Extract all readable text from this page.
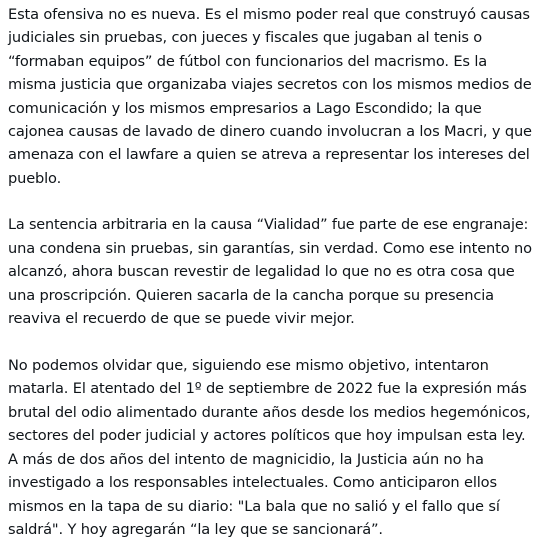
Esta ofensiva no es nueva. Es el mismo poder real que construyó causas
judiciales sin pruebas, con jueces y fiscales que jugaban al tenis o
“formaban equipos” de fútbol con funcionarios del macrismo. Es la
misma justicia que organizaba viajes secretos con los mismos medios de
comunicación y los mismos empresarios a Lago Escondido; la que
cajonea causas de lavado de dinero cuando involucran a los Macri, y que
amenaza con el lawfare a quien se atreva a representar los intereses del
pueblo.

La sentencia arbitraria en la causa “Vialidad” fue parte de ese engranaje:
una condena sin pruebas, sin garantías, sin verdad. Como ese intento no
alcanzó, ahora buscan revestir de legalidad lo que no es otra cosa que
una proscripción. Quieren sacarla de la cancha porque su presencia
reaviva el recuerdo de que se puede vivir mejor.

No podemos olvidar que, siguiendo ese mismo objetivo, intentaron
matarla. El atentado del 1º de septiembre de 2022 fue la expresión más
brutal del odio alimentado durante años desde los medios hegemónicos,
sectores del poder judicial y actores políticos que hoy impulsan esta ley.
A más de dos años del intento de magnicidio, la Justicia aún no ha
investigado a los responsables intelectuales. Como anticiparon ellos
mismos en la tapa de su diario: "La bala que no salió y el fallo que sí
saldrá". Y hoy agregarán “la ley que se sancionará”.
